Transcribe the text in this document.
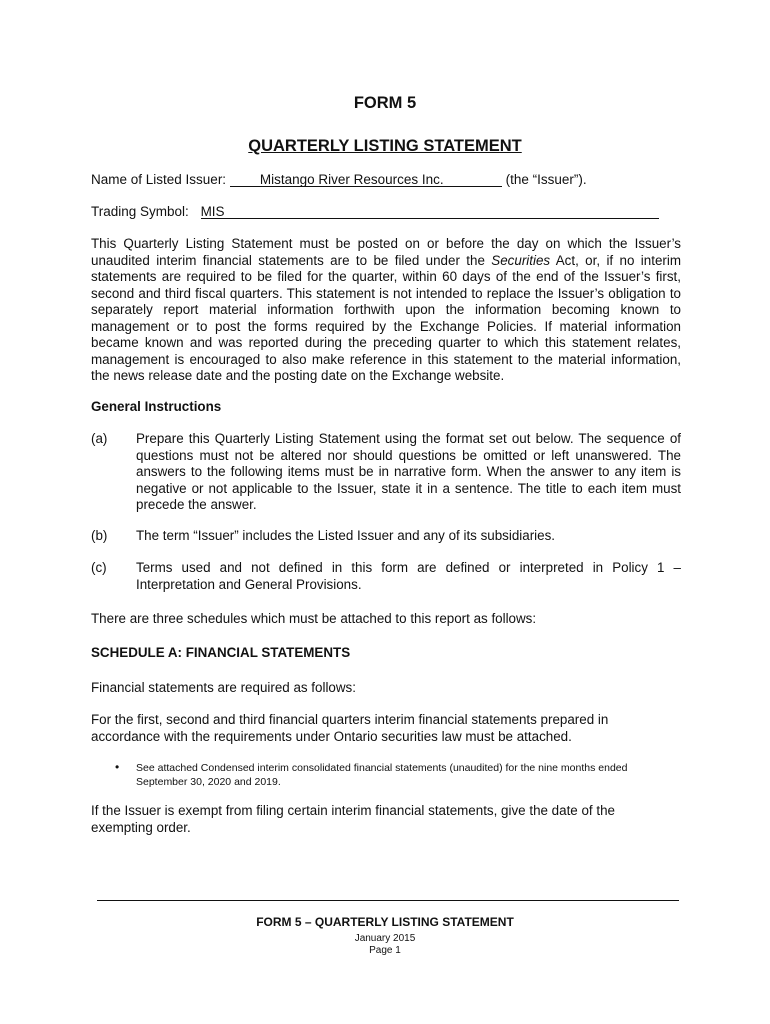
FORM 5
QUARTERLY LISTING STATEMENT
Name of Listed Issuer:	Mistango River Resources Inc.	(the “Issuer”).
Trading Symbol: MIS

This Quarterly Listing Statement must be posted on or before the day on which the Issuer’s unaudited interim financial statements are to be filed under the Securities Act, or, if no interim statements are required to be filed for the quarter, within 60 days of the end of the Issuer’s first, second and third fiscal quarters. This statement is not intended to replace the Issuer’s obligation to separately report material information forthwith upon the information becoming known to management or to post the forms required by the Exchange Policies. If material information became known and was reported during the preceding quarter to which this statement relates, management is encouraged to also make reference in this statement to the material information, the news release date and the posting date on the Exchange website.

General Instructions

(a) Prepare this Quarterly Listing Statement using the format set out below. The sequence of questions must not be altered nor should questions be omitted or left unanswered. The answers to the following items must be in narrative form. When the answer to any item is negative or not applicable to the Issuer, state it in a sentence. The title to each item must precede the answer.

(b) The term “Issuer” includes the Listed Issuer and any of its subsidiaries.

(c) Terms used and not defined in this form are defined or interpreted in Policy 1 – Interpretation and General Provisions.

There are three schedules which must be attached to this report as follows:

SCHEDULE A: FINANCIAL STATEMENTS

Financial statements are required as follows:

For the first, second and third financial quarters interim financial statements prepared in accordance with the requirements under Ontario securities law must be attached.

• See attached Condensed interim consolidated financial statements (unaudited) for the nine months ended September 30, 2020 and 2019.

If the Issuer is exempt from filing certain interim financial statements, give the date of the exempting order.

FORM 5 – QUARTERLY LISTING STATEMENT
January 2015
Page 1
